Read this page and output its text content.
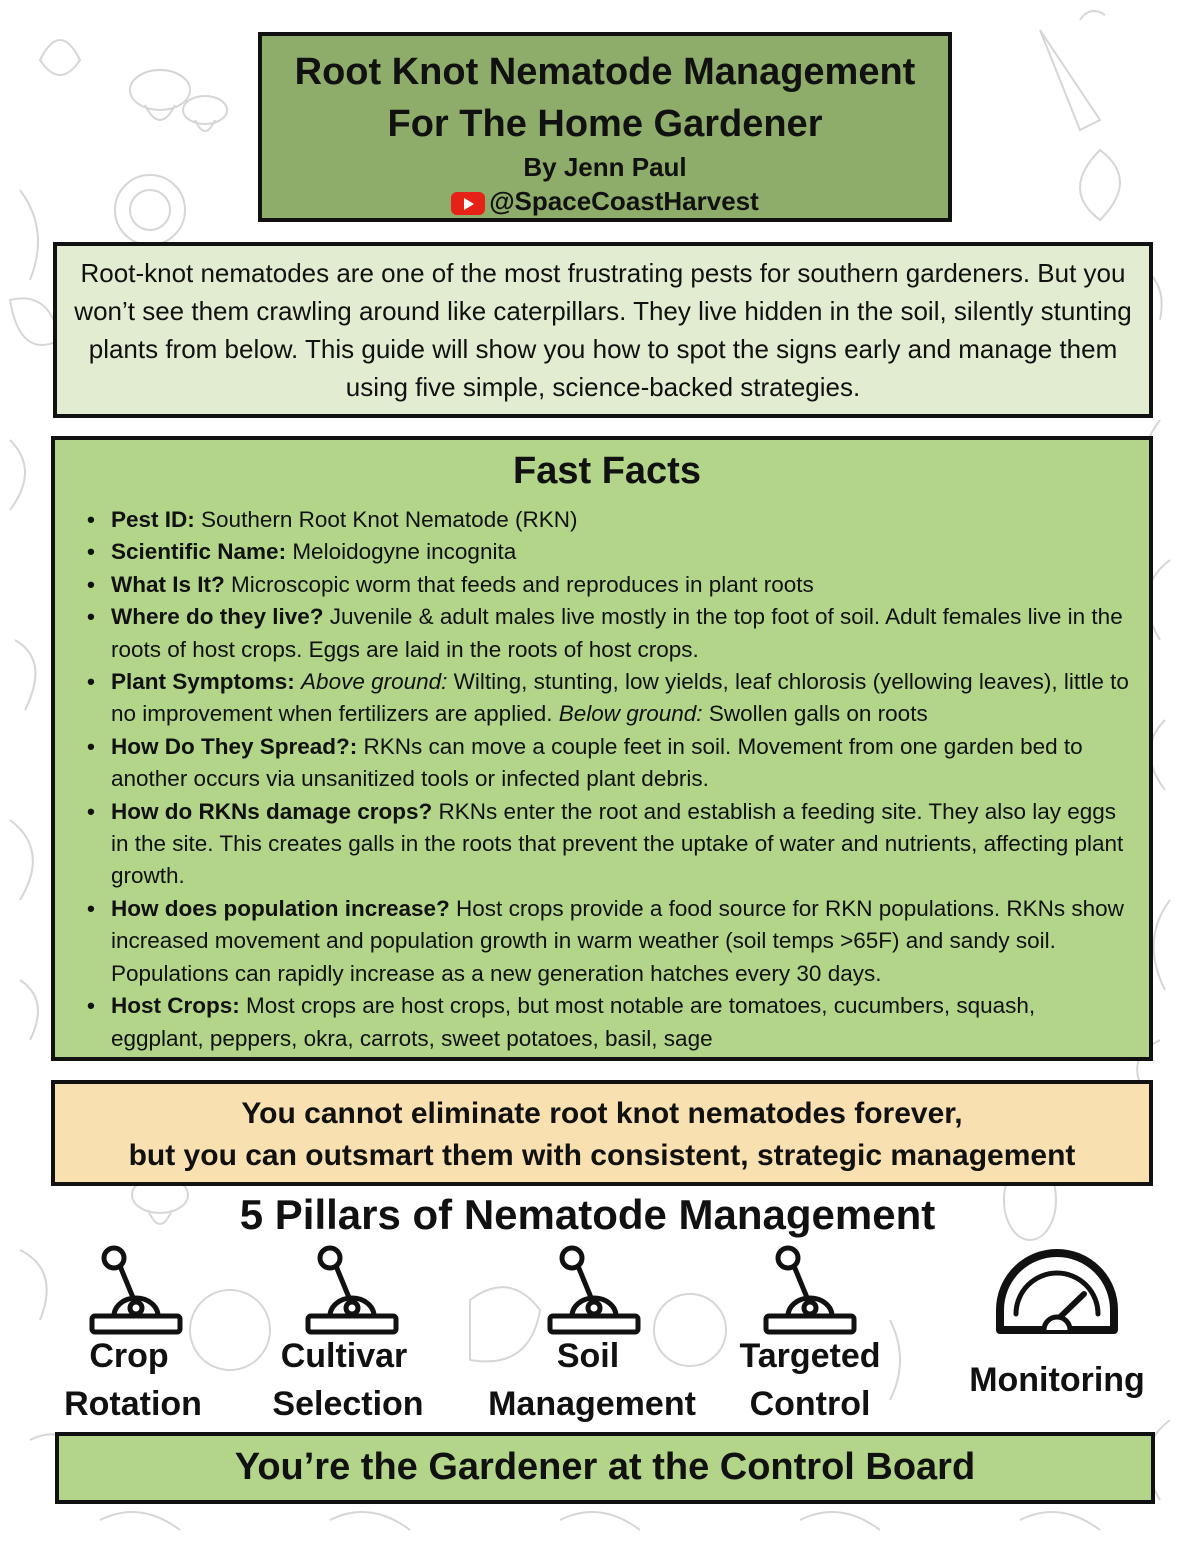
Root Knot Nematode Management
For The Home Gardener
By Jenn Paul
@SpaceCoastHarvest

Root-knot nematodes are one of the most frustrating pests for southern gardeners. But you won’t see them crawling around like caterpillars. They live hidden in the soil, silently stunting plants from below. This guide will show you how to spot the signs early and manage them using five simple, science-backed strategies.

Fast Facts
• Pest ID: Southern Root Knot Nematode (RKN)
• Scientific Name: Meloidogyne incognita
• What Is It? Microscopic worm that feeds and reproduces in plant roots
• Where do they live? Juvenile & adult males live mostly in the top foot of soil. Adult females live in the roots of host crops. Eggs are laid in the roots of host crops.
• Plant Symptoms: Above ground: Wilting, stunting, low yields, leaf chlorosis (yellowing leaves), little to no improvement when fertilizers are applied. Below ground: Swollen galls on roots
• How Do They Spread?: RKNs can move a couple feet in soil. Movement from one garden bed to another occurs via unsanitized tools or infected plant debris.
• How do RKNs damage crops? RKNs enter the root and establish a feeding site. They also lay eggs in the site. This creates galls in the roots that prevent the uptake of water and nutrients, affecting plant growth.
• How does population increase? Host crops provide a food source for RKN populations. RKNs show increased movement and population growth in warm weather (soil temps >65F) and sandy soil. Populations can rapidly increase as a new generation hatches every 30 days.
• Host Crops: Most crops are host crops, but most notable are tomatoes, cucumbers, squash, eggplant, peppers, okra, carrots, sweet potatoes, basil, sage
You cannot eliminate root knot nematodes forever,
but you can outsmart them with consistent, strategic management
5 Pillars of Nematode Management
Crop
Rotation
Cultivar
Selection
Soil
Management
Targeted
Control
Monitoring
You’re the Gardener at the Control Board
